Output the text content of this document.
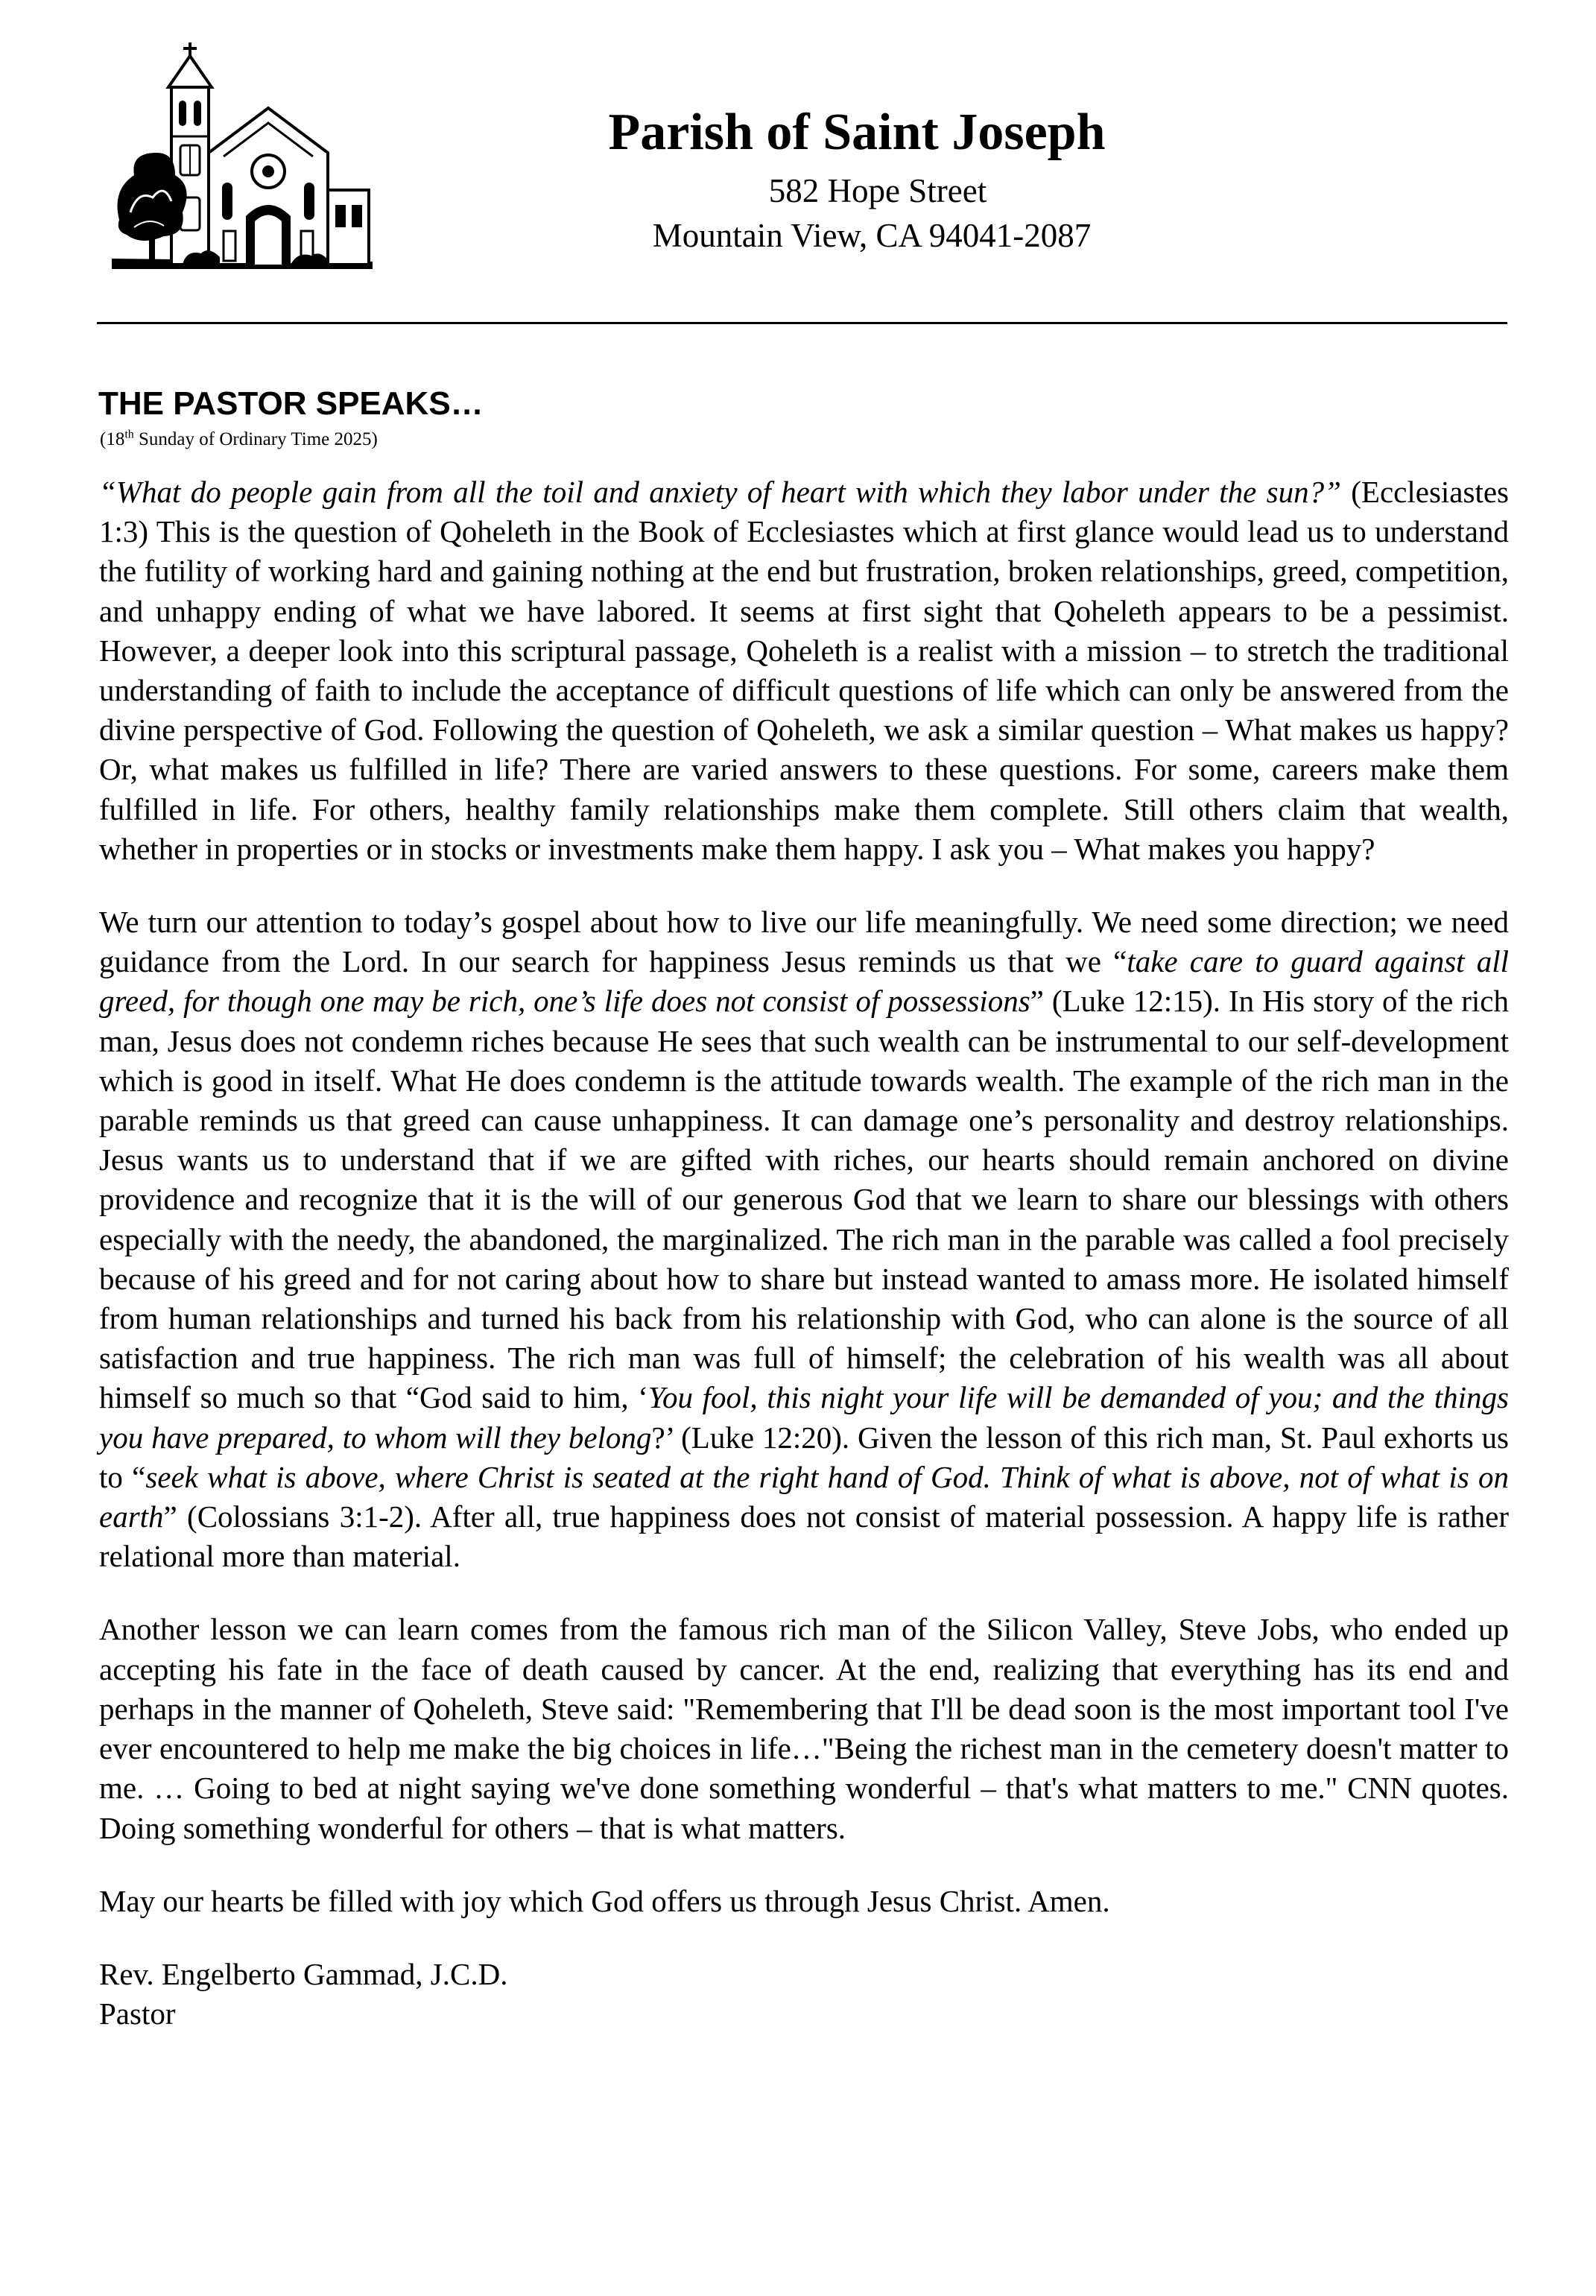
Parish of Saint Joseph
582 Hope Street
Mountain View, CA 94041-2087
THE PASTOR SPEAKS…
(18th Sunday of Ordinary Time 2025)

“What do people gain from all the toil and anxiety of heart with which they labor under the sun?” (Ecclesiastes 1:3) This is the question of Qoheleth in the Book of Ecclesiastes which at first glance would lead us to understand the futility of working hard and gaining nothing at the end but frustration, broken relationships, greed, competition, and unhappy ending of what we have labored. It seems at first sight that Qoheleth appears to be a pessimist. However, a deeper look into this scriptural passage, Qoheleth is a realist with a mission – to stretch the traditional understanding of faith to include the acceptance of difficult questions of life which can only be answered from the divine perspective of God. Following the question of Qoheleth, we ask a similar question – What makes us happy? Or, what makes us fulfilled in life? There are varied answers to these questions. For some, careers make them fulfilled in life. For others, healthy family relationships make them complete. Still others claim that wealth, whether in properties or in stocks or investments make them happy. I ask you – What makes you happy?

We turn our attention to today’s gospel about how to live our life meaningfully. We need some direction; we need guidance from the Lord. In our search for happiness Jesus reminds us that we “take care to guard against all greed, for though one may be rich, one’s life does not consist of possessions” (Luke 12:15). In His story of the rich man, Jesus does not condemn riches because He sees that such wealth can be instrumental to our self-development which is good in itself. What He does condemn is the attitude towards wealth. The example of the rich man in the parable reminds us that greed can cause unhappiness. It can damage one’s personality and destroy relationships. Jesus wants us to understand that if we are gifted with riches, our hearts should remain anchored on divine providence and recognize that it is the will of our generous God that we learn to share our blessings with others especially with the needy, the abandoned, the marginalized. The rich man in the parable was called a fool precisely because of his greed and for not caring about how to share but instead wanted to amass more. He isolated himself from human relationships and turned his back from his relationship with God, who can alone is the source of all satisfaction and true happiness. The rich man was full of himself; the celebration of his wealth was all about himself so much so that “God said to him, ‘You fool, this night your life will be demanded of you; and the things you have prepared, to whom will they belong?’ (Luke 12:20). Given the lesson of this rich man, St. Paul exhorts us to “seek what is above, where Christ is seated at the right hand of God. Think of what is above, not of what is on earth” (Colossians 3:1-2). After all, true happiness does not consist of material possession. A happy life is rather relational more than material.

Another lesson we can learn comes from the famous rich man of the Silicon Valley, Steve Jobs, who ended up accepting his fate in the face of death caused by cancer. At the end, realizing that everything has its end and perhaps in the manner of Qoheleth, Steve said: "Remembering that I'll be dead soon is the most important tool I've ever encountered to help me make the big choices in life…"Being the richest man in the cemetery doesn't matter to me. … Going to bed at night saying we've done something wonderful – that's what matters to me." CNN quotes. Doing something wonderful for others – that is what matters.

May our hearts be filled with joy which God offers us through Jesus Christ. Amen.

Rev. Engelberto Gammad, J.C.D.

Pastor
